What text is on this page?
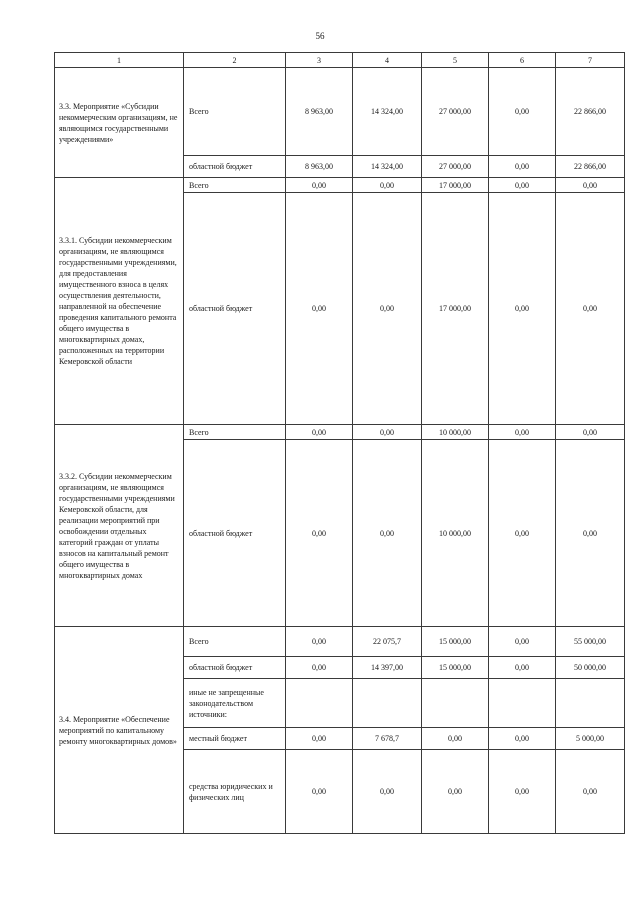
56
1	2	3	4	5	6	7
3.3. Мероприятие «Субсидии некоммерческим организациям, не являющимся государственными учреждениями»	Всего	8 963,00	14 324,00	27 000,00	0,00	22 866,00
	областной бюджет	8 963,00	14 324,00	27 000,00	0,00	22 866,00
3.3.1. Субсидии некоммерческим организациям, не являющимся государственными учреждениями, для предоставления имущественного взноса в целях осуществления деятельности, направленной на обеспечение проведения капитального ремонта общего имущества в многоквартирных домах, расположенных на территории Кемеровской области	Всего	0,00	0,00	17 000,00	0,00	0,00
	областной бюджет	0,00	0,00	17 000,00	0,00	0,00
3.3.2. Субсидии некоммерческим организациям, не являющимся государственными учреждениями Кемеровской области, для реализации мероприятий при освобождении отдельных категорий граждан от уплаты взносов на капитальный ремонт общего имущества в многоквартирных домах	Всего	0,00	0,00	10 000,00	0,00	0,00
	областной бюджет	0,00	0,00	10 000,00	0,00	0,00
3.4. Мероприятие «Обеспечение мероприятий по капитальному ремонту многоквартирных домов»	Всего	0,00	22 075,7	15 000,00	0,00	55 000,00
	областной бюджет	0,00	14 397,00	15 000,00	0,00	50 000,00
	иные не запрещенные законодательством источники:					
	местный бюджет	0,00	7 678,7	0,00	0,00	5 000,00
	средства юридических и физических лиц	0,00	0,00	0,00	0,00	0,00
